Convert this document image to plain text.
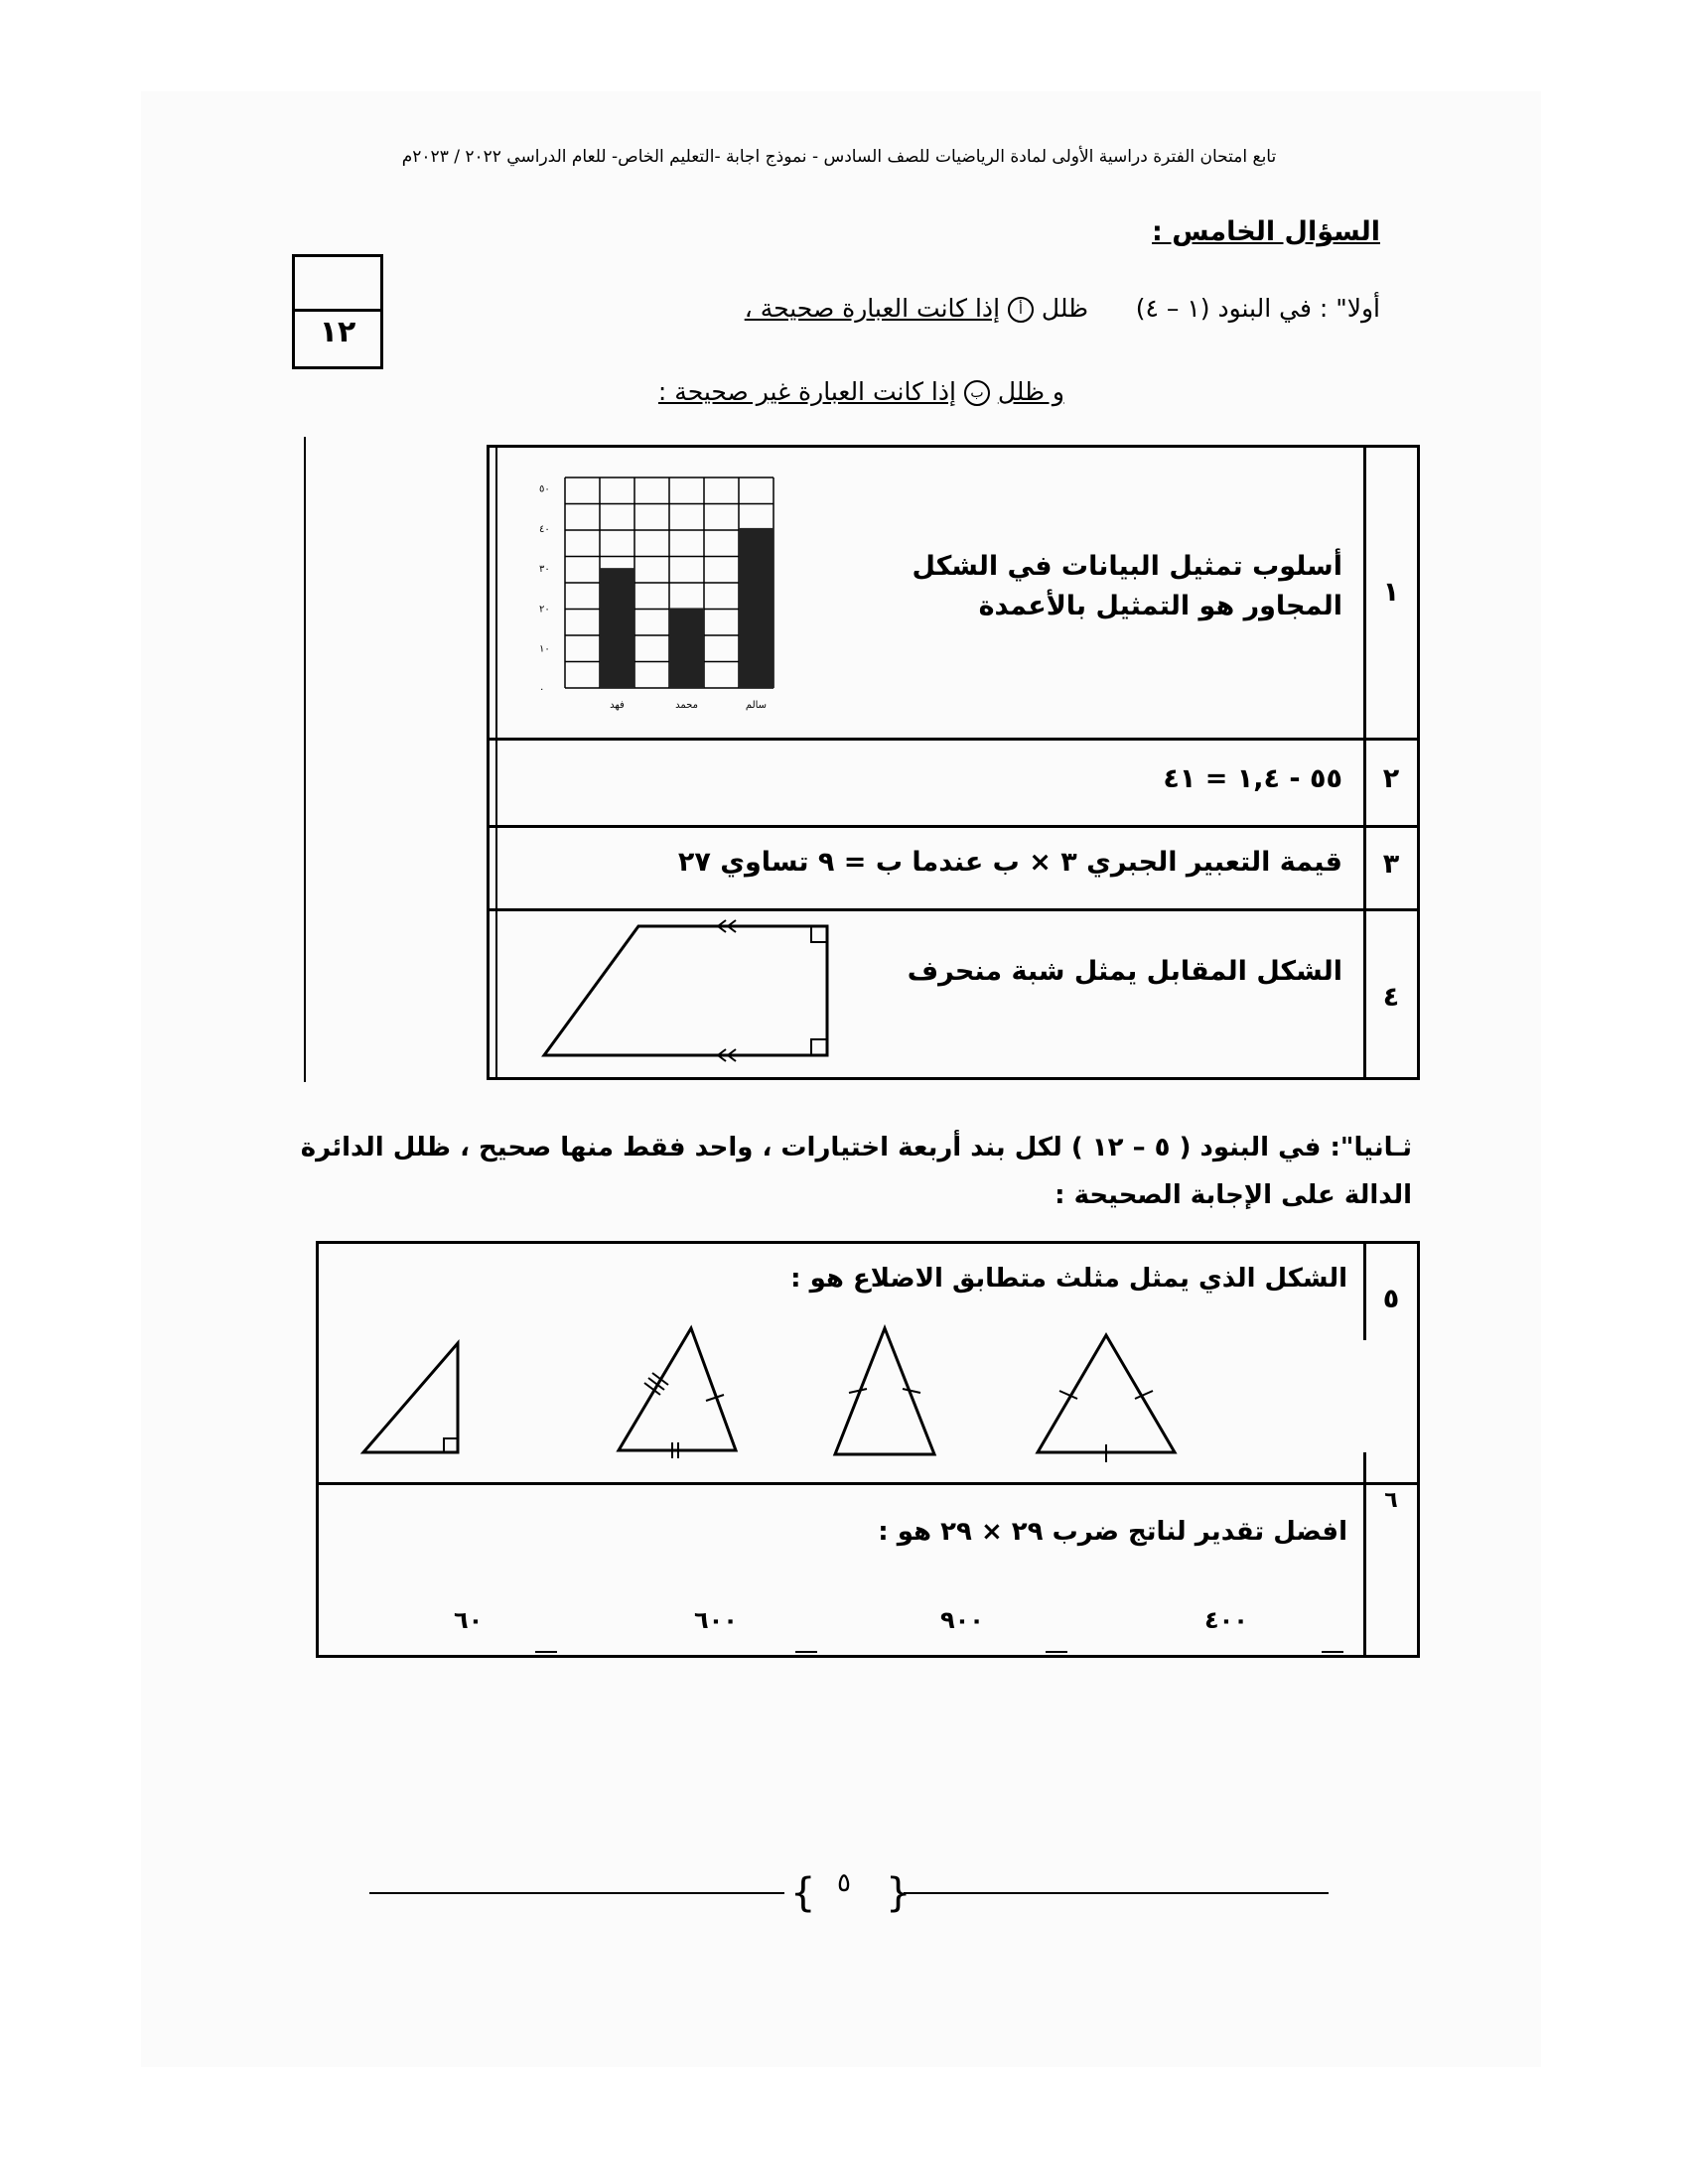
تابع امتحان الفترة دراسية الأولى لمادة الرياضيات للصف السادس - نموذج اجابة -التعليم الخاص- للعام الدراسي ٢٠٢٢ / ٢٠٢٣م
السؤال الخامس :
١٢
أولا" : في البنود (١ – ٤)      ظلل أ إذا كانت العبارة صحيحة ،
و ظلل ب إذا كانت العبارة غير صحيحة :
١
أسلوب تمثيل البيانات في الشكل المجاور هو التمثيل بالأعمدة
٠
١٠
٢٠
٣٠
٤٠
٥٠
فهد	محمد	سالم
٢
٥٥ - ١,٤ = ٤١
٣
قيمة التعبير الجبري ٣ × ب عندما ب = ٩ تساوي ٢٧
٤
الشكل المقابل يمثل شبة منحرف
ثـانيا": في البنود ( ٥ – ١٢ ) لكل بند أربعة اختيارات ، واحد فقط منها صحيح ، ظلل الدائرة الدالة على الإجابة الصحيحة :
٥
الشكل الذي يمثل مثلث متطابق الاضلاع هو :
٦
افضل تقدير لناتج ضرب ٢٩ × ٢٩ هو :
٤٠٠
٩٠٠
٦٠٠
٦٠
{ }
٥
